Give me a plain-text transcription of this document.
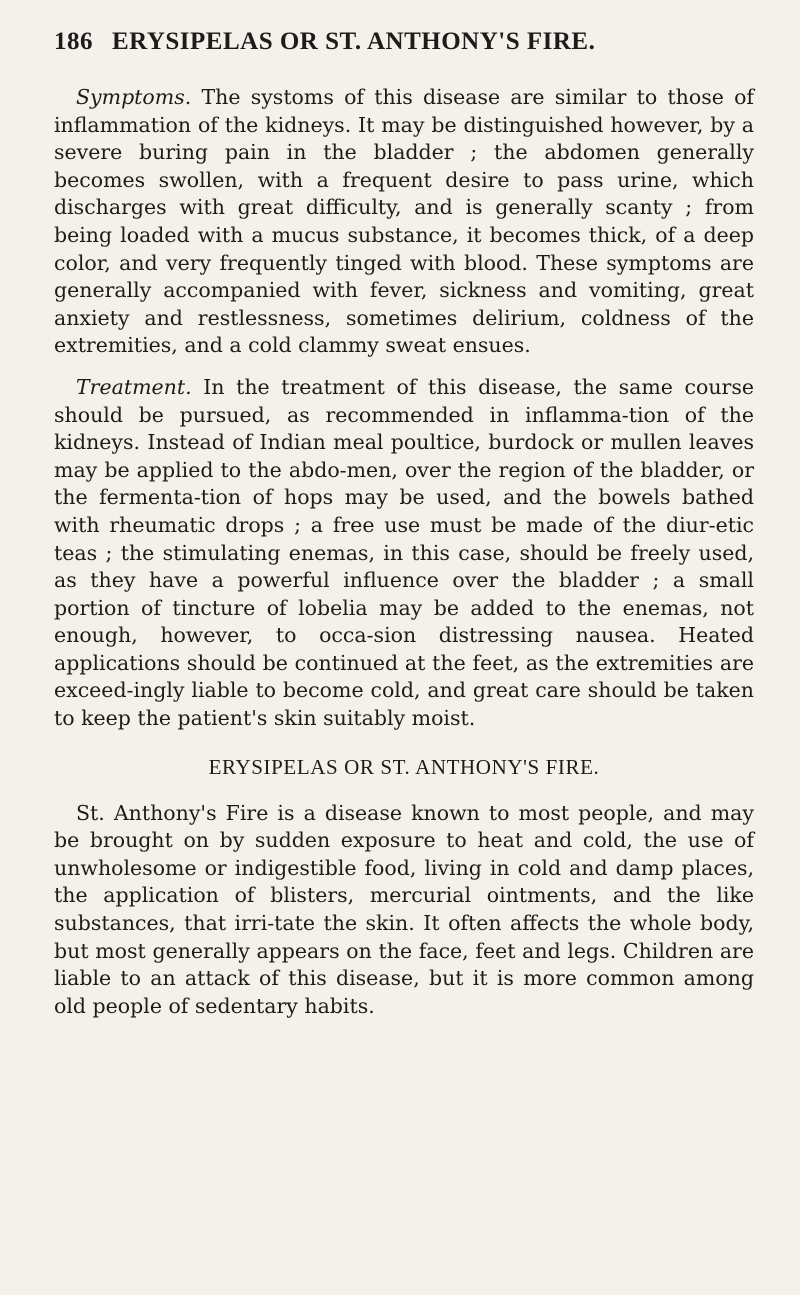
186 ERYSIPELAS OR ST. ANTHONY'S FIRE.

Symptoms. The systoms of this disease are similar to those of inflammation of the kidneys. It may be distinguished however, by a severe buring pain in the bladder ; the abdomen generally becomes swollen, with a frequent desire to pass urine, which discharges with great difficulty, and is generally scanty ; from being loaded with a mucus substance, it becomes thick, of a deep color, and very frequently tinged with blood. These symptoms are generally accompanied with fever, sickness and vomiting, great anxiety and restlessness, sometimes delirium, coldness of the extremities, and a cold clammy sweat ensues.

Treatment. In the treatment of this disease, the same course should be pursued, as recommended in inflamma-tion of the kidneys. Instead of Indian meal poultice, burdock or mullen leaves may be applied to the abdo-men, over the region of the bladder, or the fermenta-tion of hops may be used, and the bowels bathed with rheumatic drops ; a free use must be made of the diur-etic teas ; the stimulating enemas, in this case, should be freely used, as they have a powerful influence over the bladder ; a small portion of tincture of lobelia may be added to the enemas, not enough, however, to occa-sion distressing nausea. Heated applications should be continued at the feet, as the extremities are exceed-ingly liable to become cold, and great care should be taken to keep the patient's skin suitably moist.

ERYSIPELAS OR ST. ANTHONY'S FIRE.

St. Anthony's Fire is a disease known to most people, and may be brought on by sudden exposure to heat and cold, the use of unwholesome or indigestible food, living in cold and damp places, the application of blisters, mercurial ointments, and the like substances, that irri-tate the skin. It often affects the whole body, but most generally appears on the face, feet and legs. Children are liable to an attack of this disease, but it is more common among old people of sedentary habits.
